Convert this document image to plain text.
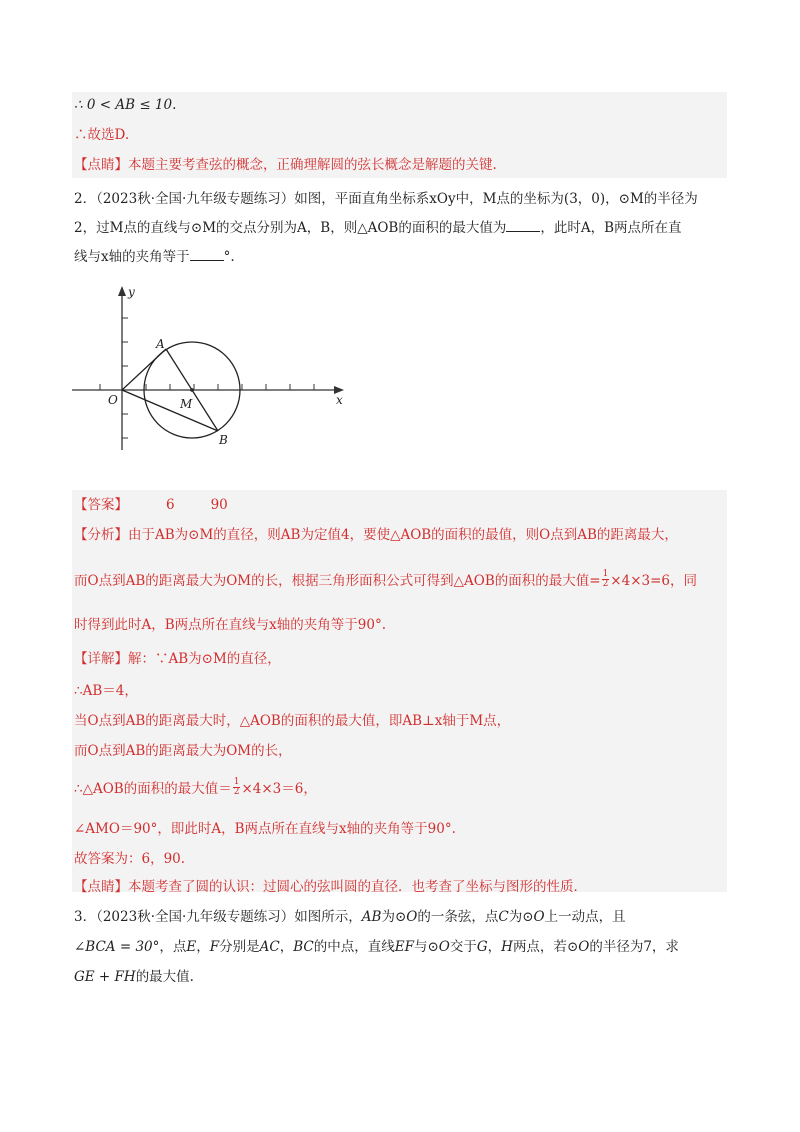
∴ 0 < AB ≤ 10.
∴故选D.
【点睛】本题主要考查弦的概念，正确理解圆的弦长概念是解题的关键.
2．（2023秋·全国·九年级专题练习）如图，平面直角坐标系xOy中，M点的坐标为(3，0)，⊙M的半径为
2，过M点的直线与⊙M的交点分别为A，B，则△AOB的面积的最大值为	，此时A，B两点所在直
线与x轴的夹角等于	°.
y
x
O
A
M
B
【答案】	6	90
【分析】由于AB为⊙M的直径，则AB为定值4，要使△AOB的面积的最值，则O点到AB的距离最大，
而O点到AB的距离最大为OM的长，根据三角形面积公式可得到△AOB的面积的最大值= $\frac{1}{2} \times 4\times 3=6$，同
时得到此时A，B两点所在直线与x轴的夹角等于90°.
【详解】解：∵AB为⊙M的直径，
∴AB＝4，
当O点到AB的距离最大时，△AOB的面积的最大值，即AB⊥x轴于M点，
而O点到AB的距离最大为OM的长，
∴△AOB的面积的最大值＝ $\frac{1}{2} \times 4\times 3=6$，
∠AMO＝90°，即此时A，B两点所在直线与x轴的夹角等于90°.
故答案为：6，90.
【点睛】本题考查了圆的认识：过圆心的弦叫圆的直径．也考查了坐标与图形的性质．
3．（2023秋·全国·九年级专题练习）如图所示，AB为⊙O的一条弦，点C为⊙O上一动点，且
∠BCA = 30°，点E，F分别是AC，BC的中点，直线EF与⊙O交于G，H两点，若⊙O的半径为7，求
GE + FH的最大值.
